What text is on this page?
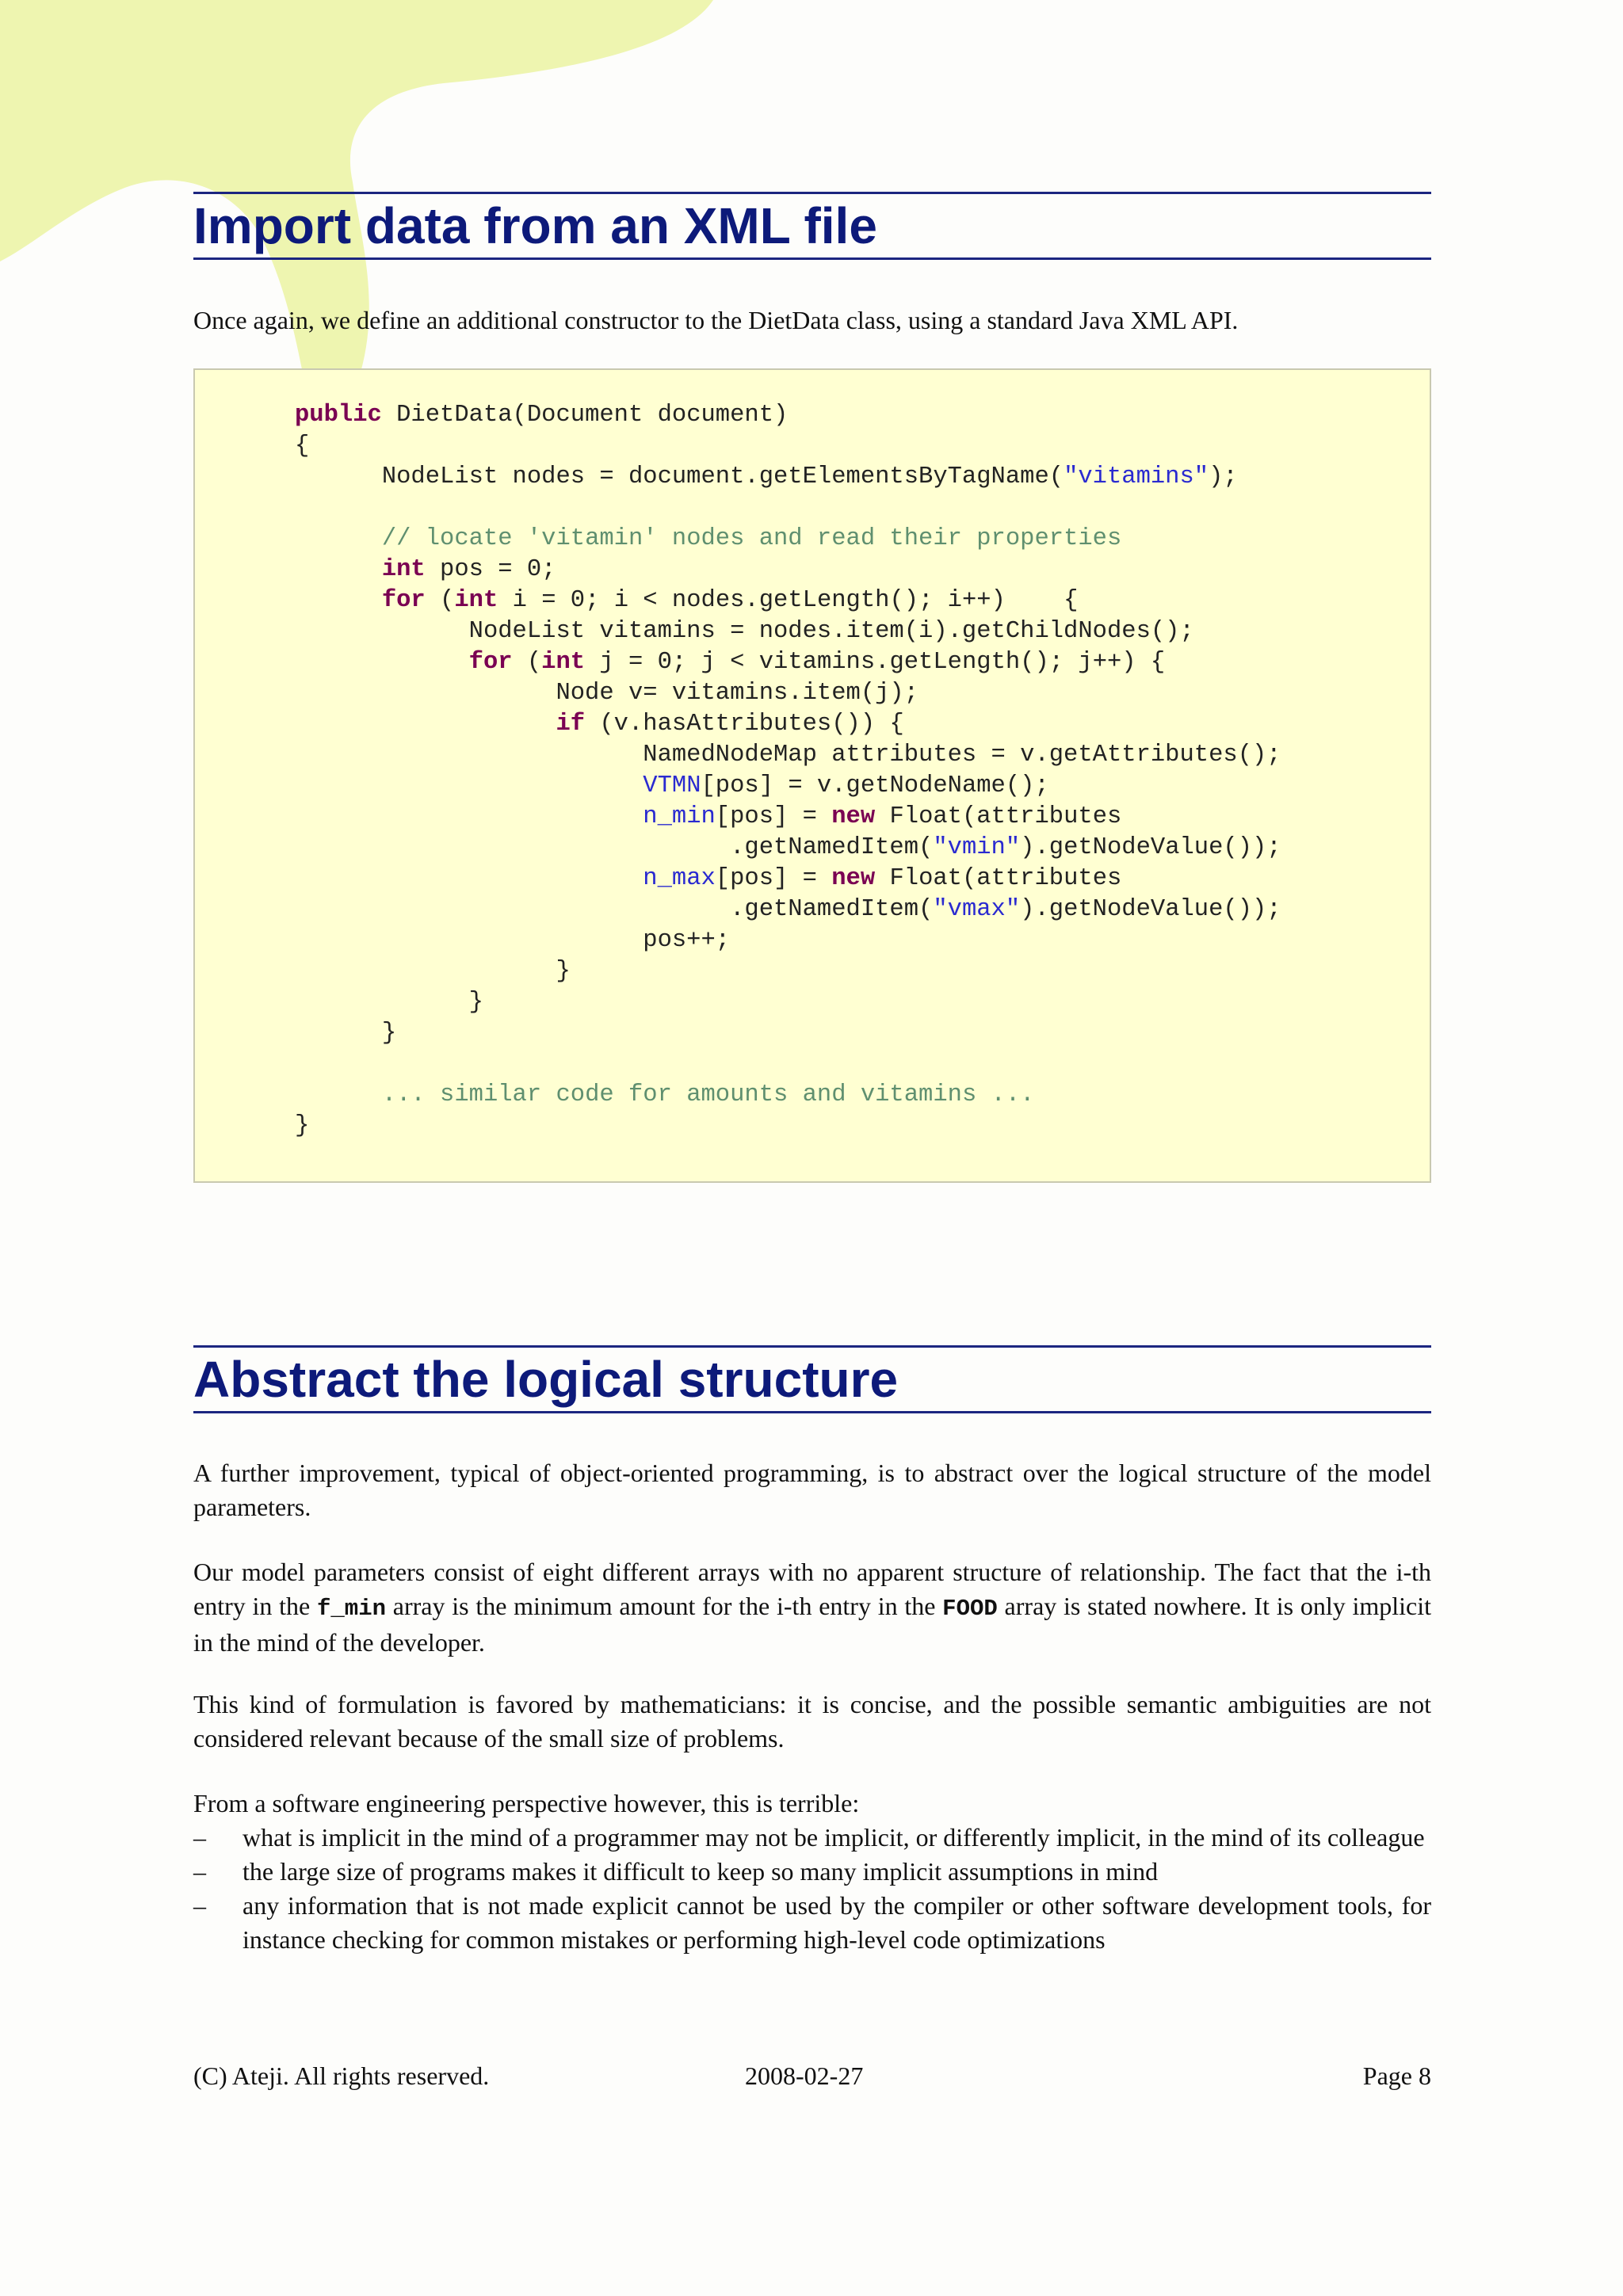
Import data from an XML file

Once again, we define an additional constructor to the DietData class, using a standard Java XML API.

public DietData(Document document)
{
NodeList nodes = document.getElementsByTagName("vitamins");

// locate 'vitamin' nodes and read their properties
int pos = 0;
for (int i = 0; i < nodes.getLength(); i++)    {
NodeList vitamins = nodes.item(i).getChildNodes();
for (int j = 0; j < vitamins.getLength(); j++) {
Node v= vitamins.item(j);
if (v.hasAttributes()) {
NamedNodeMap attributes = v.getAttributes();
VTMN[pos] = v.getNodeName();
n_min[pos] = new Float(attributes
.getNamedItem("vmin").getNodeValue());
n_max[pos] = new Float(attributes
.getNamedItem("vmax").getNodeValue());
pos++;
}
}
}

... similar code for amounts and vitamins ...
}

Abstract the logical structure

A further improvement, typical of object-oriented programming, is to abstract over the logical structure of the model parameters.

Our model parameters consist of eight different arrays with no apparent structure of relationship. The fact that the i-th entry in the f_min array is the minimum amount for the i-th entry in the FOOD array is stated nowhere. It is only implicit in the mind of the developer.

This kind of formulation is favored by mathematicians: it is concise, and the possible semantic ambiguities are not considered relevant because of the small size of problems.

From a software engineering perspective however, this is terrible:

– what is implicit in the mind of a programmer may not be implicit, or differently implicit, in the mind of its colleague
– the large size of programs makes it difficult to keep so many implicit assumptions in mind
– any information that is not made explicit cannot be used by the compiler or other software development tools, for instance checking for common mistakes or performing high-level code optimizations
(C) Ateji. All rights reserved.	2008-02-27	Page 8
